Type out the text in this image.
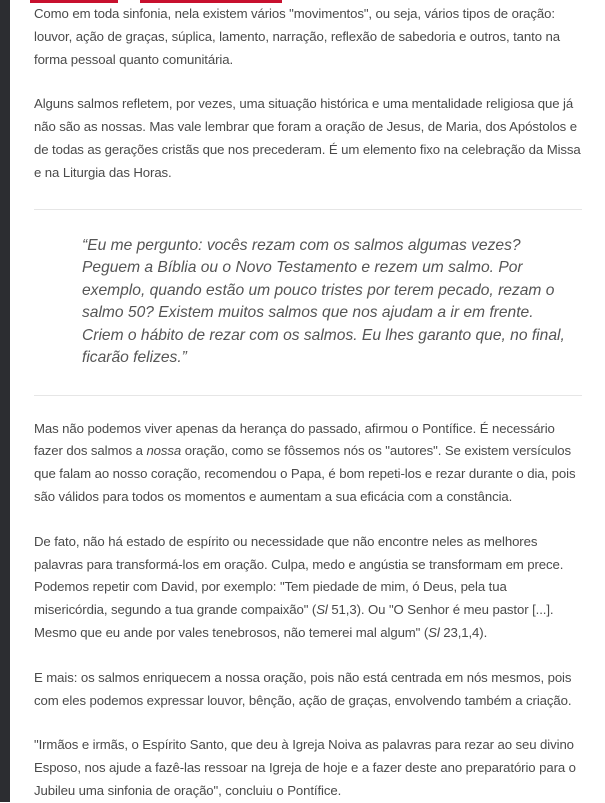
Como em toda sinfonia, nela existem vários "movimentos", ou seja, vários tipos de oração: louvor, ação de graças, súplica, lamento, narração, reflexão de sabedoria e outros, tanto na forma pessoal quanto comunitária.

Alguns salmos refletem, por vezes, uma situação histórica e uma mentalidade religiosa que já não são as nossas. Mas vale lembrar que foram a oração de Jesus, de Maria, dos Apóstolos e de todas as gerações cristãs que nos precederam. É um elemento fixo na celebração da Missa e na Liturgia das Horas.

“Eu me pergunto: vocês rezam com os salmos algumas vezes? Peguem a Bíblia ou o Novo Testamento e rezem um salmo. Por exemplo, quando estão um pouco tristes por terem pecado, rezam o salmo 50? Existem muitos salmos que nos ajudam a ir em frente. Criem o hábito de rezar com os salmos. Eu lhes garanto que, no final, ficarão felizes.”

Mas não podemos viver apenas da herança do passado, afirmou o Pontífice. É necessário fazer dos salmos a nossa oração, como se fôssemos nós os "autores". Se existem versículos que falam ao nosso coração, recomendou o Papa, é bom repeti-los e rezar durante o dia, pois são válidos para todos os momentos e aumentam a sua eficácia com a constância.

De fato, não há estado de espírito ou necessidade que não encontre neles as melhores palavras para transformá-los em oração. Culpa, medo e angústia se transformam em prece. Podemos repetir com David, por exemplo: "Tem piedade de mim, ó Deus, pela tua misericórdia, segundo a tua grande compaixão" (Sl 51,3). Ou "O Senhor é meu pastor [...]. Mesmo que eu ande por vales tenebrosos, não temerei mal algum" (Sl 23,1,4).

E mais: os salmos enriquecem a nossa oração, pois não está centrada em nós mesmos, pois com eles podemos expressar louvor, bênção, ação de graças, envolvendo também a criação.

"Irmãos e irmãs, o Espírito Santo, que deu à Igreja Noiva as palavras para rezar ao seu divino Esposo, nos ajude a fazê-las ressoar na Igreja de hoje e a fazer deste ano preparatório para o Jubileu uma sinfonia de oração", concluiu o Pontífice.
